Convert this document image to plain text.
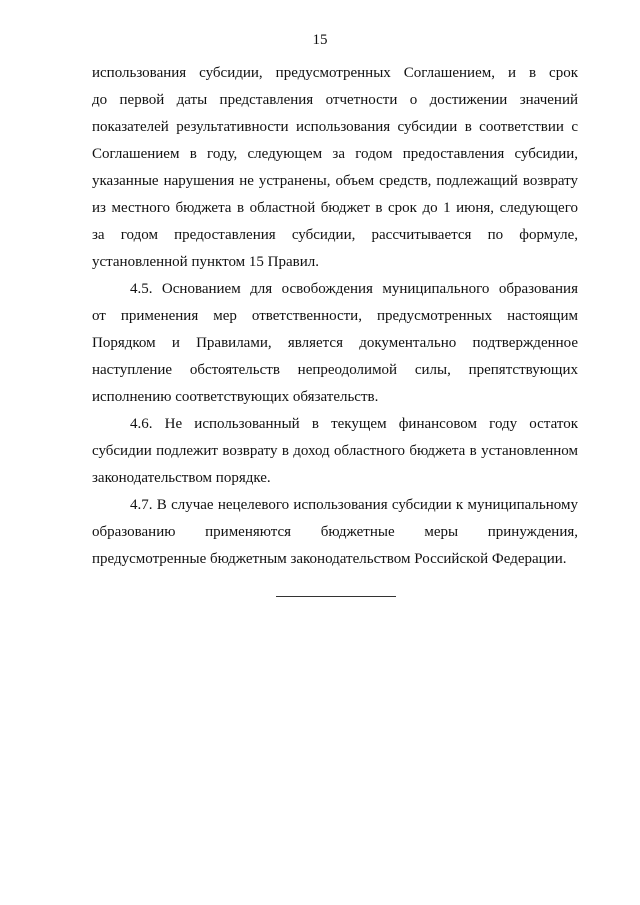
15
использования субсидии, предусмотренных Соглашением, и в срок
до первой даты представления отчетности о достижении значений
показателей результативности использования субсидии в соответствии с
Соглашением в году, следующем за годом предоставления субсидии,
указанные нарушения не устранены, объем средств, подлежащий возврату
из местного бюджета в областной бюджет в срок до 1 июня, следующего
за годом предоставления субсидии, рассчитывается по формуле,
установленной пунктом 15 Правил.
4.5. Основанием для освобождения муниципального образования
от применения мер ответственности, предусмотренных настоящим
Порядком и Правилами, является документально подтвержденное
наступление обстоятельств непреодолимой силы, препятствующих
исполнению соответствующих обязательств.
4.6. Не использованный в текущем финансовом году остаток
субсидии подлежит возврату в доход областного бюджета в установленном
законодательством порядке.
4.7. В случае нецелевого использования субсидии к муниципальному
образованию применяются бюджетные меры принуждения,
предусмотренные бюджетным законодательством Российской Федерации.
